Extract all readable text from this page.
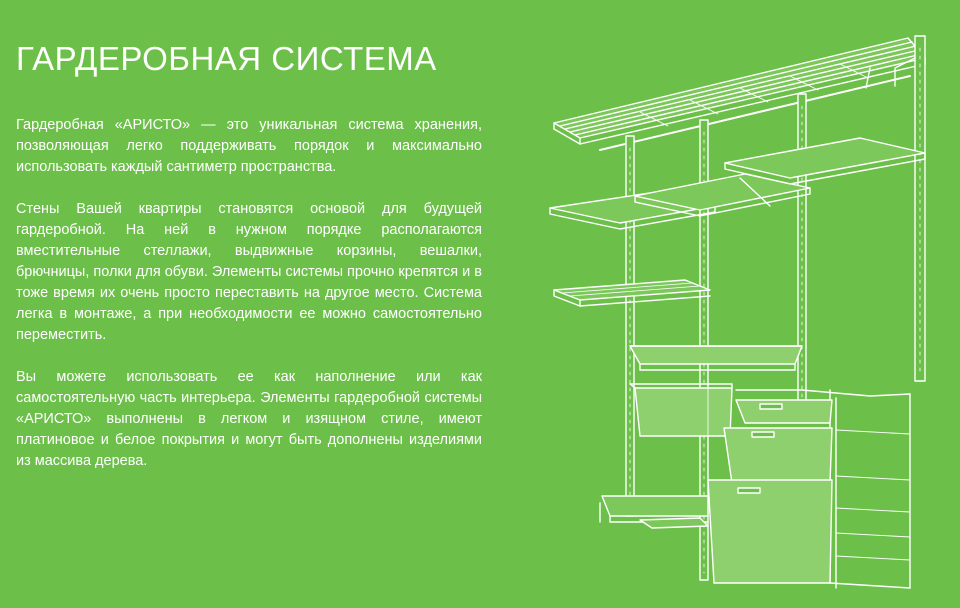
ГАРДЕРОБНАЯ СИСТЕМА

Гардеробная «АРИСТО» — это уникальная система хранения, позволяющая легко поддерживать порядок и максимально использовать каждый сантиметр пространства.

Стены Вашей квартиры становятся основой для будущей гардеробной. На ней в нужном порядке располагаются вместительные стеллажи, выдвижные корзины, вешалки, брючницы, полки для обуви. Элементы системы прочно крепятся и в тоже время их очень просто переставить на другое место. Система легка в монтаже, а при необходимости ее можно самостоятельно переместить.

Вы можете использовать ее как наполнение или как самостоятельную часть интерьера. Элементы гардеробной системы «АРИСТО» выполнены в легком и изящном стиле, имеют платиновое и белое покрытия и могут быть дополнены изделиями из массива дерева.
